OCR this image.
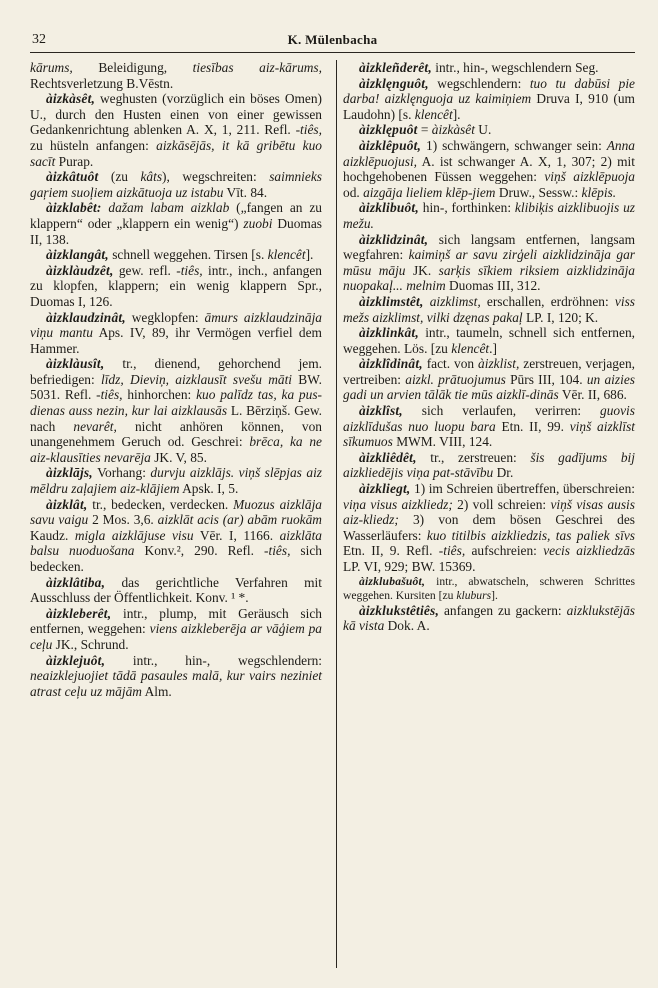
32	K. Mülenbacha

kārums, Beleidigung, tiesības aiz-kārums, Rechtsverletzung B.Vēstn.

àizkàsêt, weghusten (vorzüglich ein böses Omen) U., durch den Husten einen von einer gewissen Gedankenrichtung ablenken A. X, 1, 211. Refl. -tiês, zu hüsteln anfangen: aizkāsējās, it kā gribētu kuo sacīt Purap.

àizkâtuôt (zu kâts), wegschreiten: saimnieks gaŗiem suoļiem aizkātuoja uz istabu Vīt. 84.

àizklabêt: dažam labam aizklab („fangen an zu klappern“ oder „klappern ein wenig“) zuobi Duomas II, 138.

àizklangât, schnell weggehen. Tirsen [s. klencêt].

àizklàudzêt, gew. refl. -tiês, intr., inch., anfangen zu klopfen, klappern; ein wenig klappern Spr., Duomas I, 126.

àizklaudzinât, wegklopfen: āmurs aizklaudzināja viņu mantu Aps. IV, 89, ihr Vermögen verfiel dem Hammer.

àizklàusît, tr., dienend, gehorchend jem. befriedigen: līdz, Dieviņ, aizklausīt svešu māti BW. 5031. Refl. -tiês, hinhorchen: kuo palīdz tas, ka pus-dienas auss nezin, kur lai aizklausās L. Bērziņš. Gew. nach nevarêt, nicht anhören können, von unangenehmem Geruch od. Geschrei: brēca, ka ne aiz-klausīties nevarēja JK. V, 85.

àizklājs, Vorhang: durvju aizklājs. viņš slēpjas aiz mēldru zaļajiem aiz-klājiem Apsk. I, 5.

àizklât, tr., bedecken, verdecken. Muozus aizklāja savu vaigu 2 Mos. 3,6. aizklāt acis (ar) abām ruokām Kaudz. migla aizklājuse visu Vēr. I, 1166. aizklāta balsu nuoduošana Konv.², 290. Refl. -tiês, sich bedecken.

àizklâtiba, das gerichtliche Verfahren mit Ausschluss der Öffentlichkeit. Konv. ¹ *.

àizkleberêt, intr., plump, mit Geräusch sich entfernen, weggehen: viens aizkleberēja ar vāģiem pa ceļu JK., Schrund.

àizklejuôt, intr., hin-, wegschlendern: neaizklejuojiet tādā pasaules malā, kur vairs neziniet atrast ceļu uz mājām Alm.

àizkleñderêt, intr., hin-, wegschlendern Seg.

àizklęnguôt, wegschlendern: tuo tu dabūsi pie darba! aizklęnguoja uz kaimiņiem Druva I, 910 (um Laudohn) [s. klencêt].

àizklępuôt = àizkàsêt U.

àizklêpuôt, 1) schwängern, schwanger sein: Anna aizklēpuojusi, A. ist schwanger A. X, 1, 307; 2) mit hochgehobenen Füssen weggehen: viņš aizklēpuoja od. aizgāja lieliem klēp-jiem Druw., Sessw.: klēpis.

àizklibuôt, hin-, forthinken: klibiķis aizklibuojis uz mežu.

àizklidzinât, sich langsam entfernen, langsam wegfahren: kaimiņš ar savu zirģeli aizklidzināja gar mūsu māju JK. sarķis sīkiem riksiem aizklidzināja nuopakaļ... melnim Duomas III, 312.

àizklimstêt, aizklimst, erschallen, erdröhnen: viss mežs aizklimst, vilki dzęnas pakaļ LP. I, 120; K.

àizklinkât, intr., taumeln, schnell sich entfernen, weggehen. Lös. [zu klencêt.]

àizklîdinât, fact. von àizklist, zerstreuen, verjagen, vertreiben: aizkl. prātuojumus Pūrs III, 104. un aizies gadi un arvien tālāk tie mūs aizklī-dinās Vēr. II, 686.

àizklîst, sich verlaufen, verirren: guovis aizklīdušas nuo luopu bara Etn. II, 99. viņš aizklīst sīkumuos MWM. VIII, 124.

àizkliêdêt, tr., zerstreuen: šis gadījums bij aizkliedējis viņa pat-stāvību Dr.

àizkliegt, 1) im Schreien übertreffen, überschreien: viņa visus aizkliedz; 2) voll schreien: viņš visas ausis aiz-kliedz; 3) von dem bösen Geschrei des Wasserläufers: kuo titilbis aizkliedzis, tas paliek sīvs Etn. II, 9. Refl. -tiês, aufschreien: vecis aizkliedzās LP. VI, 929; BW. 15369.

àizklubašuôt, intr., abwatscheln, schweren Schrittes weggehen. Kursiten [zu kluburs].

àizklukstêtiês, anfangen zu gackern: aizklukstējās kā vista Dok. A.
